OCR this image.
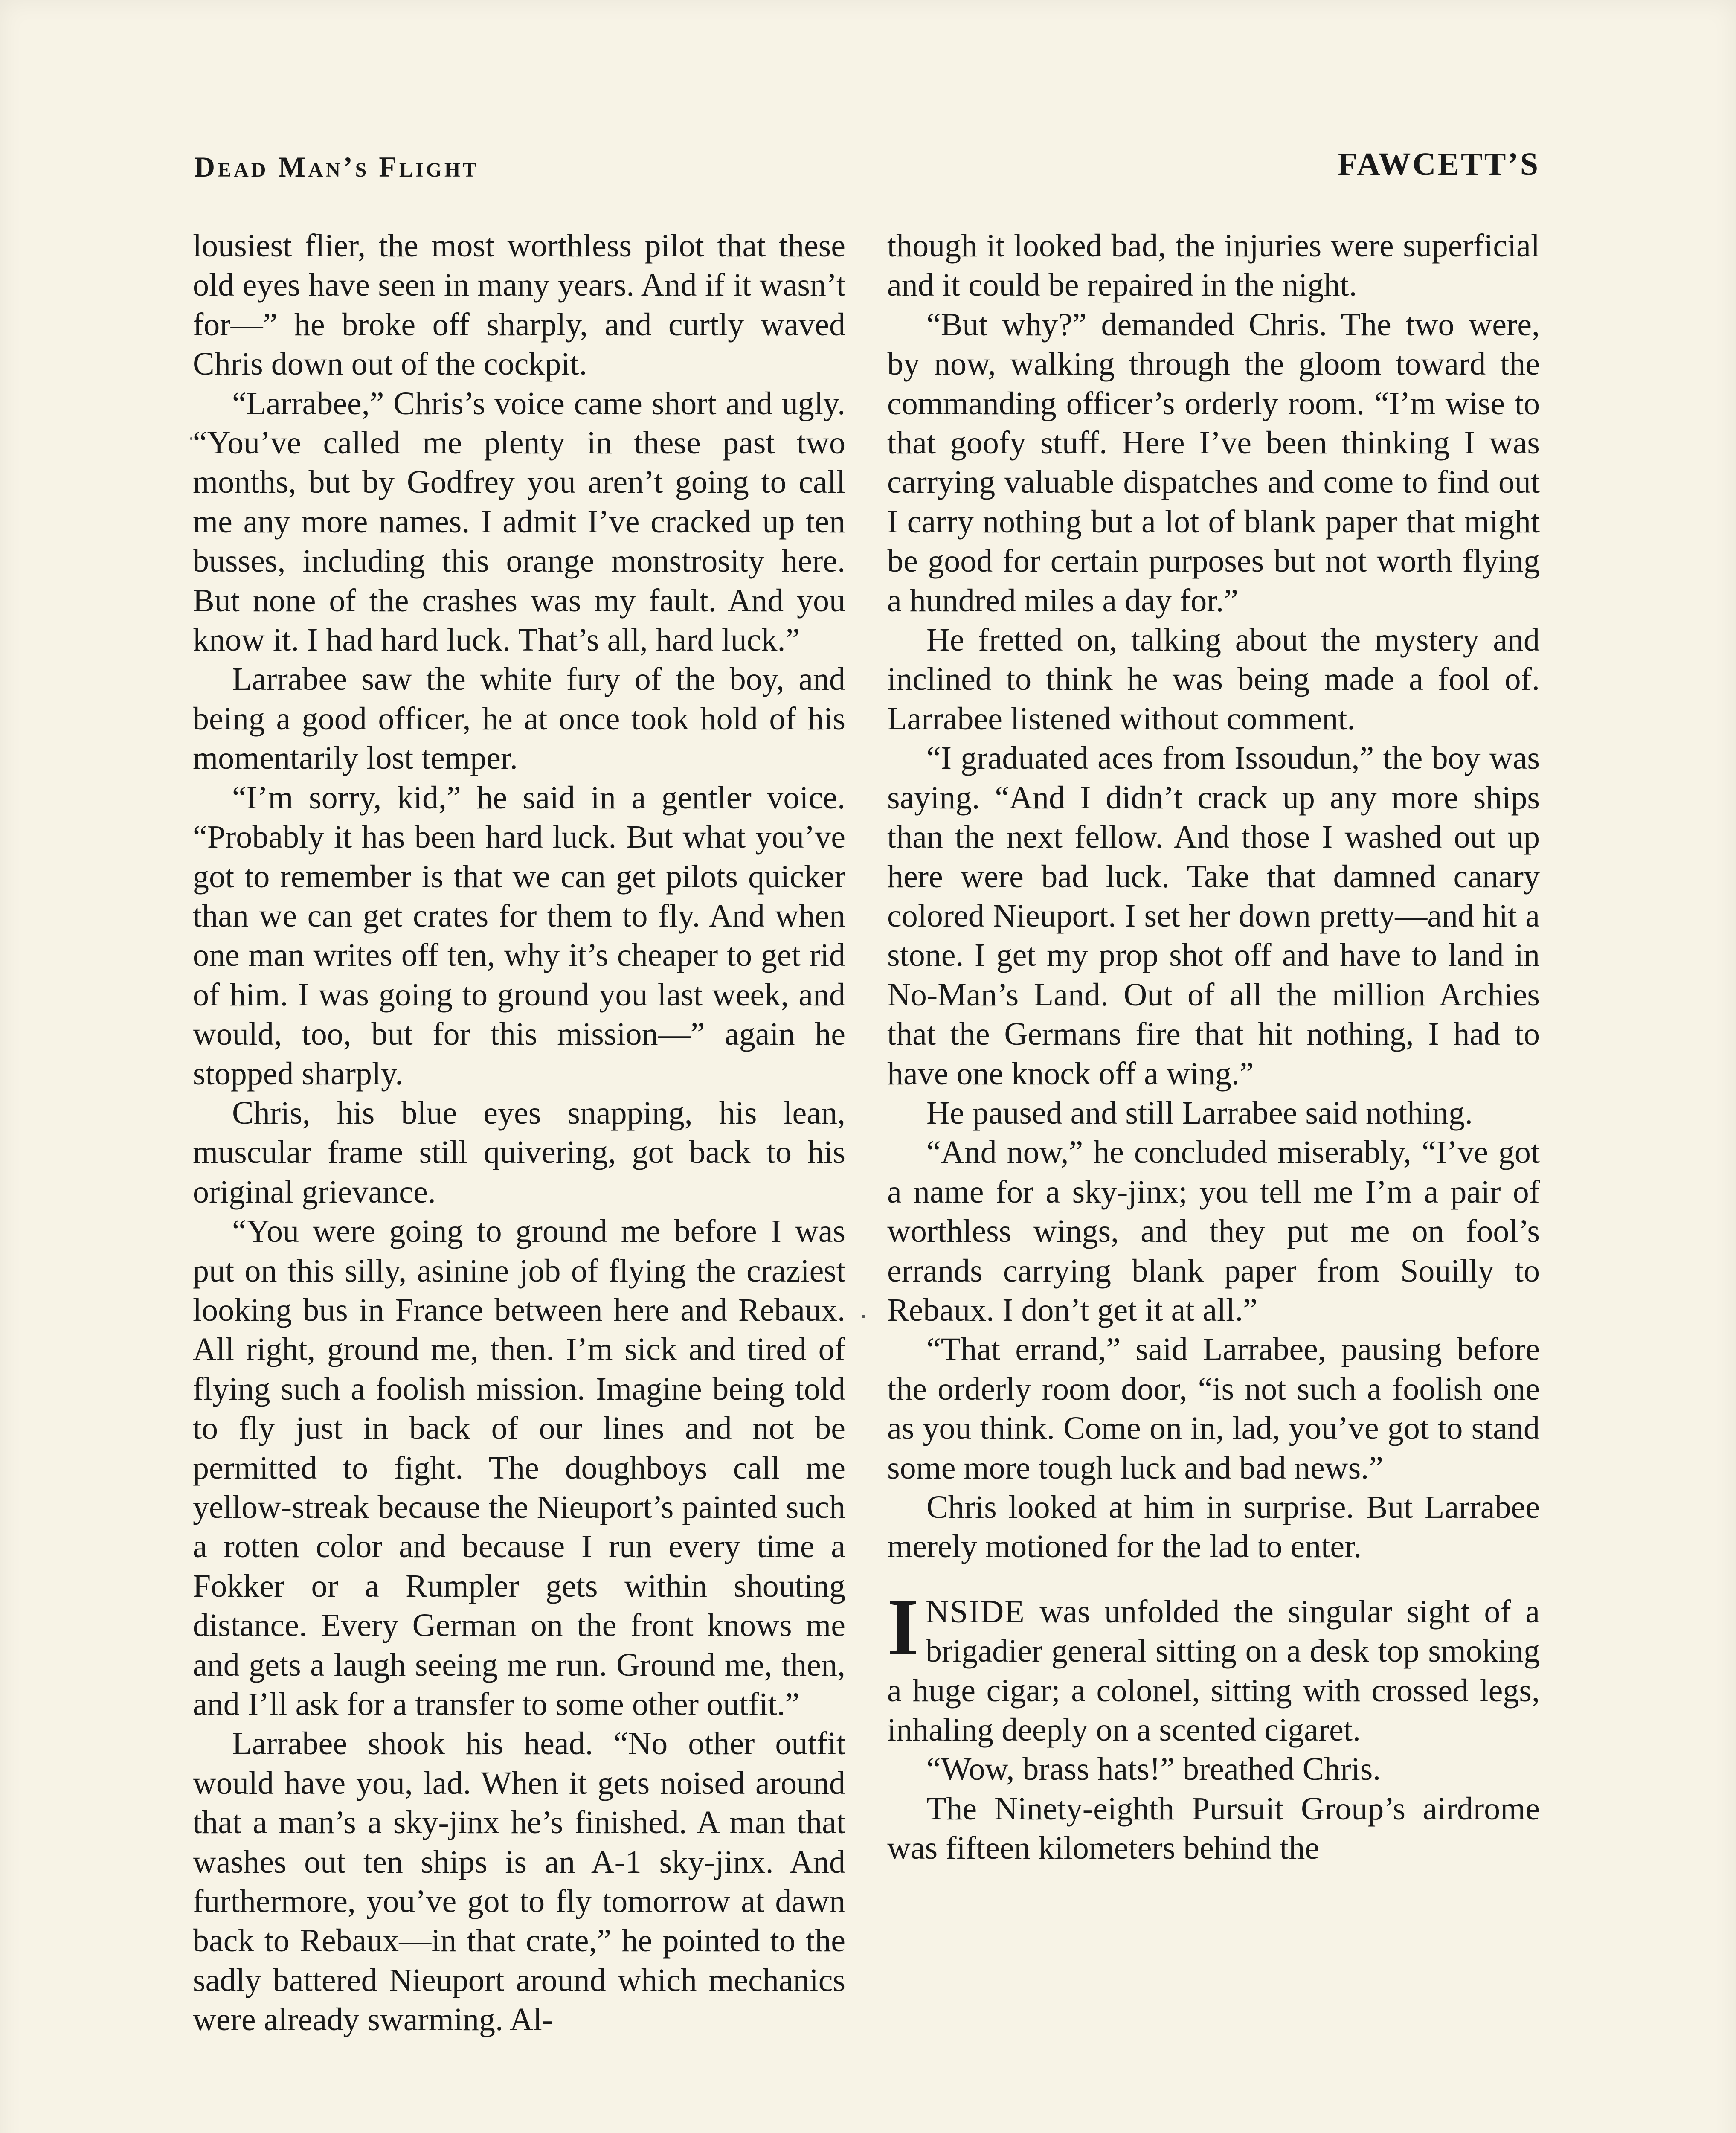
Dead Man’s Flight	FAWCETT’S

lousiest flier, the most worthless pilot that these old eyes have seen in many years. And if it wasn’t for—” he broke off sharply, and curtly waved Chris down out of the cockpit.

“Larrabee,” Chris’s voice came short and ugly. “You’ve called me plenty in these past two months, but by Godfrey you aren’t going to call me any more names. I admit I’ve cracked up ten busses, including this orange monstrosity here. But none of the crashes was my fault. And you know it. I had hard luck. That’s all, hard luck.”

Larrabee saw the white fury of the boy, and being a good officer, he at once took hold of his momentarily lost temper.

“I’m sorry, kid,” he said in a gentler voice. “Probably it has been hard luck. But what you’ve got to remember is that we can get pilots quicker than we can get crates for them to fly. And when one man writes off ten, why it’s cheaper to get rid of him. I was going to ground you last week, and would, too, but for this mission—” again he stopped sharply.

Chris, his blue eyes snapping, his lean, muscular frame still quivering, got back to his original grievance.

“You were going to ground me before I was put on this silly, asinine job of flying the craziest looking bus in France between here and Rebaux. All right, ground me, then. I’m sick and tired of flying such a foolish mission. Imagine being told to fly just in back of our lines and not be permitted to fight. The doughboys call me yellow-streak because the Nieuport’s painted such a rotten color and because I run every time a Fokker or a Rumpler gets within shouting distance. Every German on the front knows me and gets a laugh seeing me run. Ground me, then, and I’ll ask for a transfer to some other outfit.”

Larrabee shook his head. “No other outfit would have you, lad. When it gets noised around that a man’s a sky-jinx he’s finished. A man that washes out ten ships is an A-1 sky-jinx. And furthermore, you’ve got to fly tomorrow at dawn back to Rebaux—in that crate,” he pointed to the sadly battered Nieuport around which mechanics were already swarming. Al-

though it looked bad, the injuries were superficial and it could be repaired in the night.

“But why?” demanded Chris. The two were, by now, walking through the gloom toward the commanding officer’s orderly room. “I’m wise to that goofy stuff. Here I’ve been thinking I was carrying valuable dispatches and come to find out I carry nothing but a lot of blank paper that might be good for certain purposes but not worth flying a hundred miles a day for.”

He fretted on, talking about the mystery and inclined to think he was being made a fool of. Larrabee listened without comment.

“I graduated aces from Issoudun,” the boy was saying. “And I didn’t crack up any more ships than the next fellow. And those I washed out up here were bad luck. Take that damned canary colored Nieuport. I set her down pretty—and hit a stone. I get my prop shot off and have to land in No-Man’s Land. Out of all the million Archies that the Germans fire that hit nothing, I had to have one knock off a wing.”

He paused and still Larrabee said nothing.

“And now,” he concluded miserably, “I’ve got a name for a sky-jinx; you tell me I’m a pair of worthless wings, and they put me on fool’s errands carrying blank paper from Souilly to Rebaux. I don’t get it at all.”

“That errand,” said Larrabee, pausing before the orderly room door, “is not such a foolish one as you think. Come on in, lad, you’ve got to stand some more tough luck and bad news.”

Chris looked at him in surprise. But Larrabee merely motioned for the lad to enter.

INSIDE was unfolded the singular sight of a brigadier general sitting on a desk top smoking a huge cigar; a colonel, sitting with crossed legs, inhaling deeply on a scented cigaret.

“Wow, brass hats!” breathed Chris.

The Ninety-eighth Pursuit Group’s airdrome was fifteen kilometers behind the
